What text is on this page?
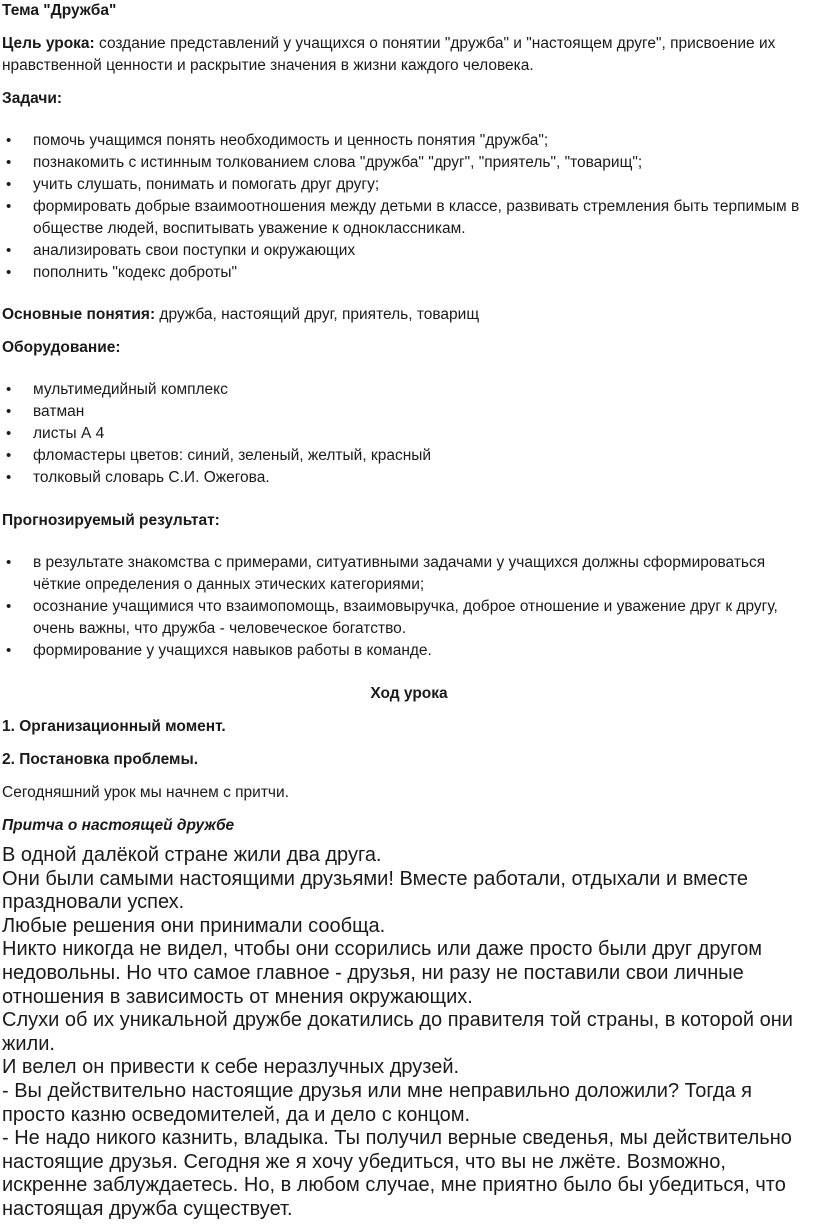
Тема "Дружба"

Цель урока: создание представлений у учащихся о понятии "дружба" и "настоящем друге", присвоение их нравственной ценности и раскрытие значения в жизни каждого человека.

Задачи:

• помочь учащимся понять необходимость и ценность понятия "дружба";
• познакомить с истинным толкованием слова "дружба" "друг", "приятель", "товарищ";
• учить слушать, понимать и помогать друг другу;
• формировать добрые взаимоотношения между детьми в классе, развивать стремления быть терпимым в обществе людей, воспитывать уважение к одноклассникам.
• анализировать свои поступки и окружающих
• пополнить "кодекс доброты"

Основные понятия: дружба, настоящий друг, приятель, товарищ

Оборудование:

• мультимедийный комплекс
• ватман
• листы А 4
• фломастеры цветов: синий, зеленый, желтый, красный
• толковый словарь С.И. Ожегова.

Прогнозируемый результат:

• в результате знакомства с примерами, ситуативными задачами у учащихся должны сформироваться чёткие определения о данных этических категориями;
• осознание учащимися что взаимопомощь, взаимовыручка, доброе отношение и уважение друг к другу, очень важны, что дружба - человеческое богатство.
• формирование у учащихся навыков работы в команде.

Ход урока

1. Организационный момент.

2. Постановка проблемы.

Сегодняшний урок мы начнем с притчи.

Притча о настоящей дружбе

В одной далёкой стране жили два друга.

Они были самыми настоящими друзьями! Вместе работали, отдыхали и вместе праздновали успех.

Любые решения они принимали сообща.

Никто никогда не видел, чтобы они ссорились или даже просто были друг другом недовольны. Но что самое главное - друзья, ни разу не поставили свои личные отношения в зависимость от мнения окружающих.

Слухи об их уникальной дружбе докатились до правителя той страны, в которой они жили.

И велел он привести к себе неразлучных друзей.

- Вы действительно настоящие друзья или мне неправильно доложили? Тогда я просто казню осведомителей, да и дело с концом.

- Не надо никого казнить, владыка. Ты получил верные сведенья, мы действительно настоящие друзья. Сегодня же я хочу убедиться, что вы не лжёте. Возможно, искренне заблуждаетесь. Но, в любом случае, мне приятно было бы убедиться, что настоящая дружба существует.
